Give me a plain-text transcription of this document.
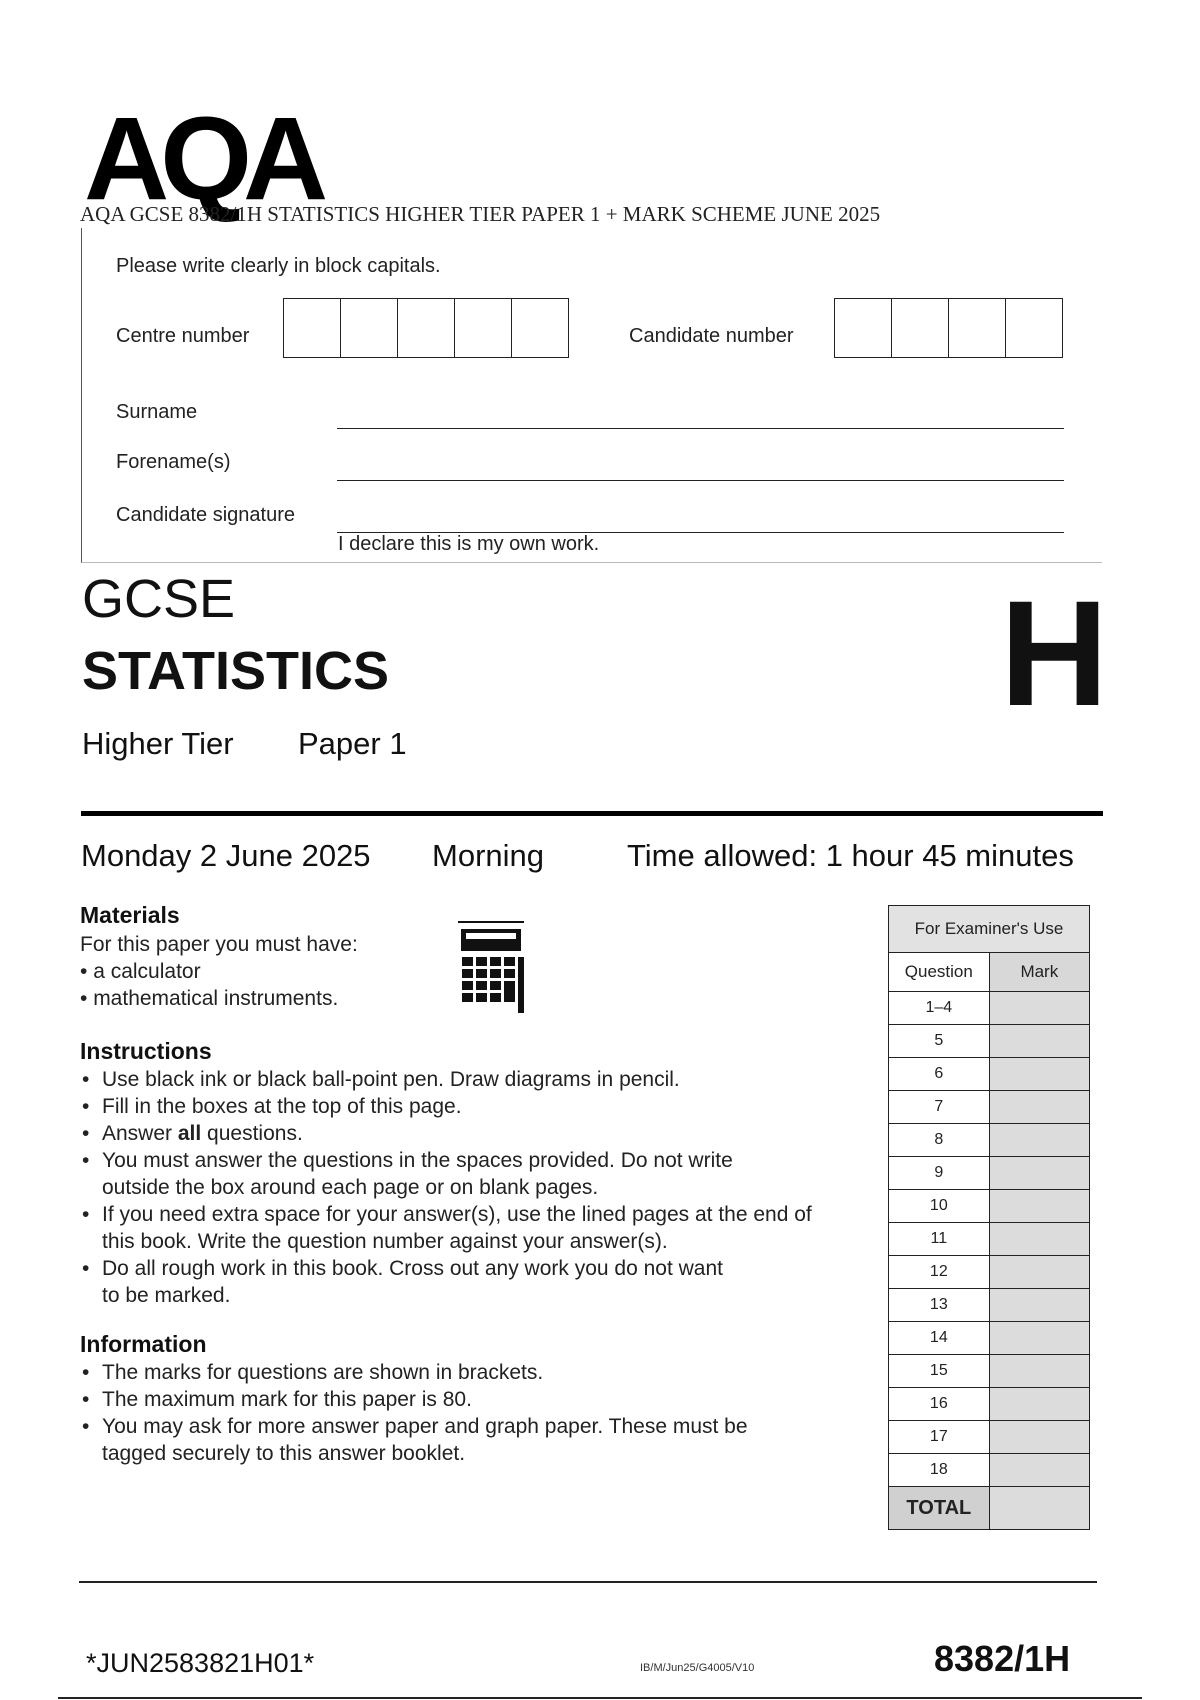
AQA
AQA GCSE 8382/1H STATISTICS HIGHER TIER PAPER 1 + MARK SCHEME JUNE 2025
Please write clearly in block capitals.
Centre number	Candidate number
Surname
Forename(s)
Candidate signature
I declare this is my own work.
GCSE
STATISTICS	H
Higher Tier Paper 1
Monday 2 June 2025 Morning	Time allowed: 1 hour 45 minutes
Materials
For this paper you must have:
• a calculator
• mathematical instruments.
Instructions
• Use black ink or black ball-point pen. Draw diagrams in pencil.
• Fill in the boxes at the top of this page.
• Answer all questions.
• You must answer the questions in the spaces provided. Do not write
outside the box around each page or on blank pages.
• If you need extra space for your answer(s), use the lined pages at the end of
this book. Write the question number against your answer(s).
• Do all rough work in this book. Cross out any work you do not want
to be marked.
Information
• The marks for questions are shown in brackets.
• The maximum mark for this paper is 80.
• You may ask for more answer paper and graph paper. These must be
tagged securely to this answer booklet.
For Examiner's Use	
Question	Mark
1–4	
5	
6	
7	
8	
9	
10	
11	
12	
13	
14	
15	
16	
17	
18	
TOTAL	
*JUN2583821H01*	IB/M/Jun25/G4005/V10	8382/1H
